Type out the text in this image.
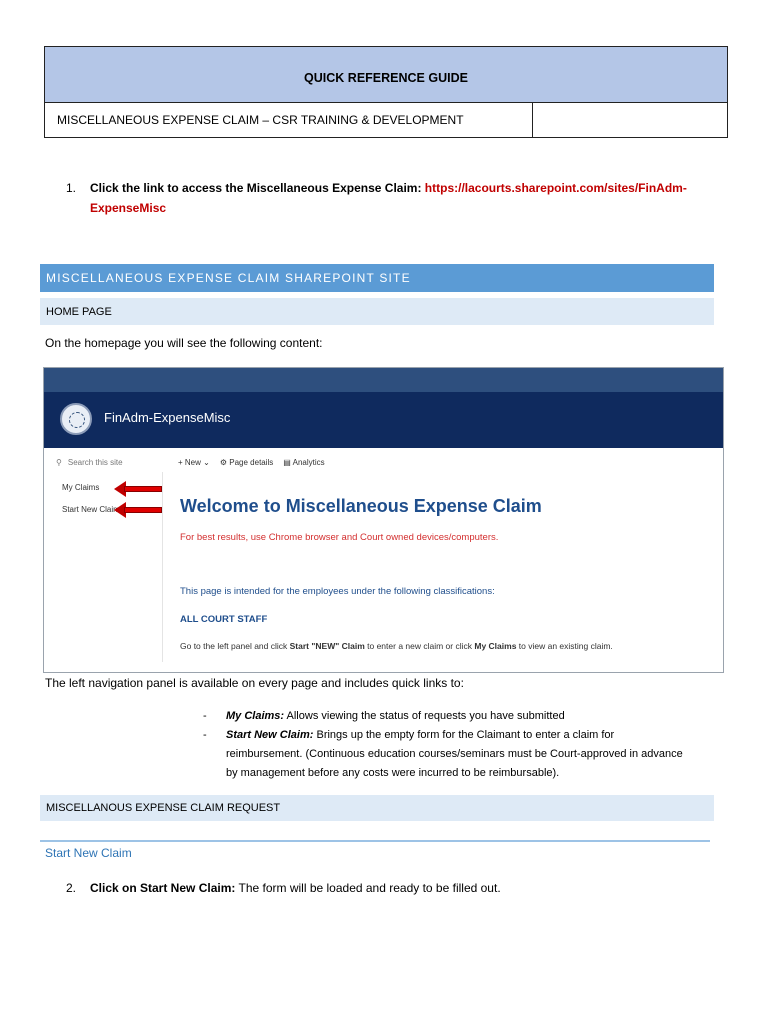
QUICK REFERENCE GUIDE
MISCELLANEOUS EXPENSE CLAIM – CSR TRAINING & DEVELOPMENT
1. Click the link to access the Miscellaneous Expense Claim: https://lacourts.sharepoint.com/sites/FinAdm-
ExpenseMisc
MISCELLANEOUS EXPENSE CLAIM SHAREPOINT SITE
HOME PAGE
On the homepage you will see the following content:
FinAdm-ExpenseMisc
⚲ Search this site	+ New ⌄ ⚙ Page details ▤ Analytics
My Claims
Start New Claim	Welcome to Miscellaneous Expense Claim
For best results, use Chrome browser and Court owned devices/computers.
This page is intended for the employees under the following classifications:
ALL COURT STAFF
Go to the left panel and click Start "NEW" Claim to enter a new claim or click My Claims to view an existing claim.
The left navigation panel is available on every page and includes quick links to:
- My Claims: Allows viewing the status of requests you have submitted
- Start New Claim: Brings up the empty form for the Claimant to enter a claim for
reimbursement. (Continuous education courses/seminars must be Court-approved in advance
by management before any costs were incurred to be reimbursable).
MISCELLANOUS EXPENSE CLAIM REQUEST
Start New Claim
2. Click on Start New Claim: The form will be loaded and ready to be filled out.
